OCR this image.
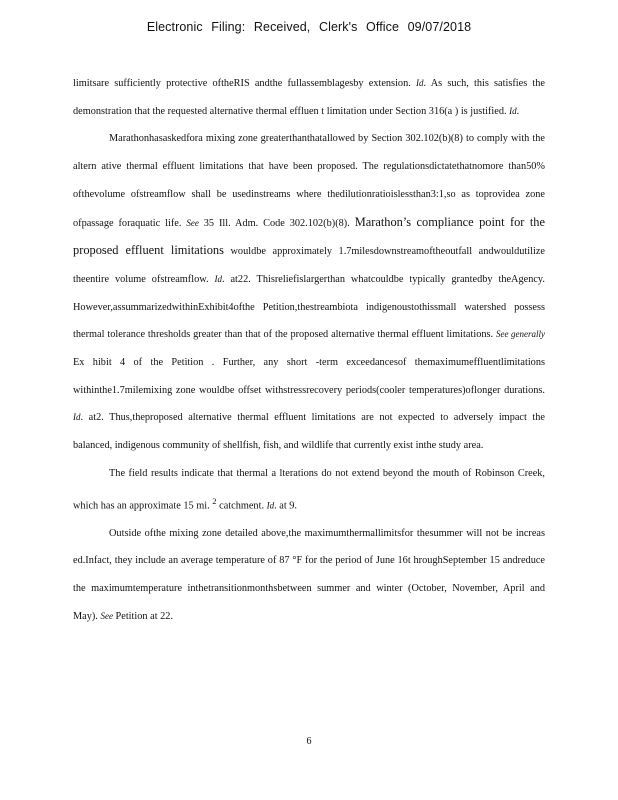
Electronic Filing: Received, Clerk's Office 09/07/2018

limitsare sufficiently protective oftheRIS andthe fullassemblagesby extension. Id. As such, this satisfies the demonstration that the requested alternative thermal effluen t limitation under Section 316(a ) is justified. Id.

Marathonhasaskedfora mixing zone greaterthanthatallowed by Section 302.102(b)(8) to comply with the altern ative thermal effluent limitations that have been proposed. The regulationsdictatethatnomore than50% ofthevolume ofstreamflow shall be usedinstreams where thedilutionratioislessthan3:1,so as toprovidea zone ofpassage foraquatic life. See 35 Ill. Adm. Code 302.102(b)(8). Marathon’s compliance point for the proposed effluent limitations wouldbe approximately 1.7milesdownstreamoftheoutfall andwouldutilize theentire volume ofstreamflow. Id. at22. Thisreliefislargerthan whatcouldbe typically grantedby theAgency. However,assummarizedwithinExhibit4ofthe Petition,thestreambiota indigenoustothissmall watershed possess thermal tolerance thresholds greater than that of the proposed alternative thermal effluent limitations. See generally Ex hibit 4 of the Petition . Further, any short -term exceedancesof themaximumeffluentlimitations withinthe1.7milemixing zone wouldbe offset withstressrecovery periods(cooler temperatures)oflonger durations. Id. at2. Thus,theproposed alternative thermal effluent limitations are not expected to adversely impact the balanced, indigenous community of shellfish, fish, and wildlife that currently exist inthe study area.

The field results indicate that thermal a lterations do not extend beyond the mouth of Robinson Creek, which has an approximate 15 mi. $^2$ catchment. Id. at 9.

Outside ofthe mixing zone detailed above,the maximumthermallimitsfor thesummer will not be increas ed.Infact, they include an average temperature of 87 °F for the period of June 16t hroughSeptember 15 andreduce the maximumtemperature inthetransitionmonthsbetween summer and winter (October, November, April and May). See Petition at 22.

6
